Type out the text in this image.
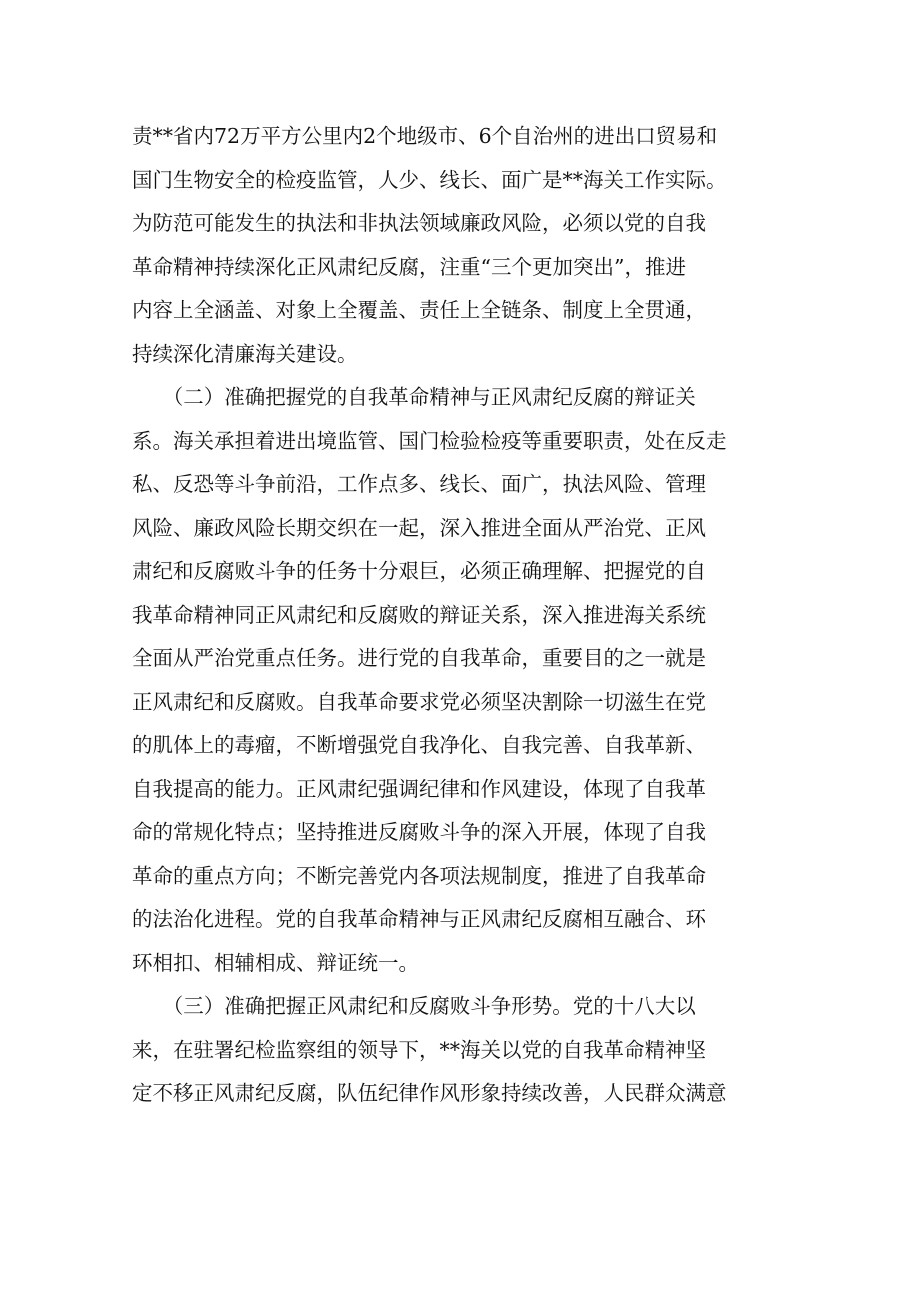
责**省内72万平方公里内2个地级市、6个自治州的进出口贸易和
国门生物安全的检疫监管，人少、线长、面广是**海关工作实际。
为防范可能发生的执法和非执法领域廉政风险，必须以党的自我
革命精神持续深化正风肃纪反腐，注重“三个更加突出”，推进
内容上全涵盖、对象上全覆盖、责任上全链条、制度上全贯通，
持续深化清廉海关建设。
　　（二）准确把握党的自我革命精神与正风肃纪反腐的辩证关
系。海关承担着进出境监管、国门检验检疫等重要职责，处在反走
私、反恐等斗争前沿，工作点多、线长、面广，执法风险、管理
风险、廉政风险长期交织在一起，深入推进全面从严治党、正风
肃纪和反腐败斗争的任务十分艰巨，必须正确理解、把握党的自
我革命精神同正风肃纪和反腐败的辩证关系，深入推进海关系统
全面从严治党重点任务。进行党的自我革命，重要目的之一就是
正风肃纪和反腐败。自我革命要求党必须坚决割除一切滋生在党
的肌体上的毒瘤，不断增强党自我净化、自我完善、自我革新、
自我提高的能力。正风肃纪强调纪律和作风建设，体现了自我革
命的常规化特点；坚持推进反腐败斗争的深入开展，体现了自我
革命的重点方向；不断完善党内各项法规制度，推进了自我革命
的法治化进程。党的自我革命精神与正风肃纪反腐相互融合、环
环相扣、相辅相成、辩证统一。
　　（三）准确把握正风肃纪和反腐败斗争形势。党的十八大以
来，在驻署纪检监察组的领导下，**海关以党的自我革命精神坚
定不移正风肃纪反腐，队伍纪律作风形象持续改善，人民群众满意
